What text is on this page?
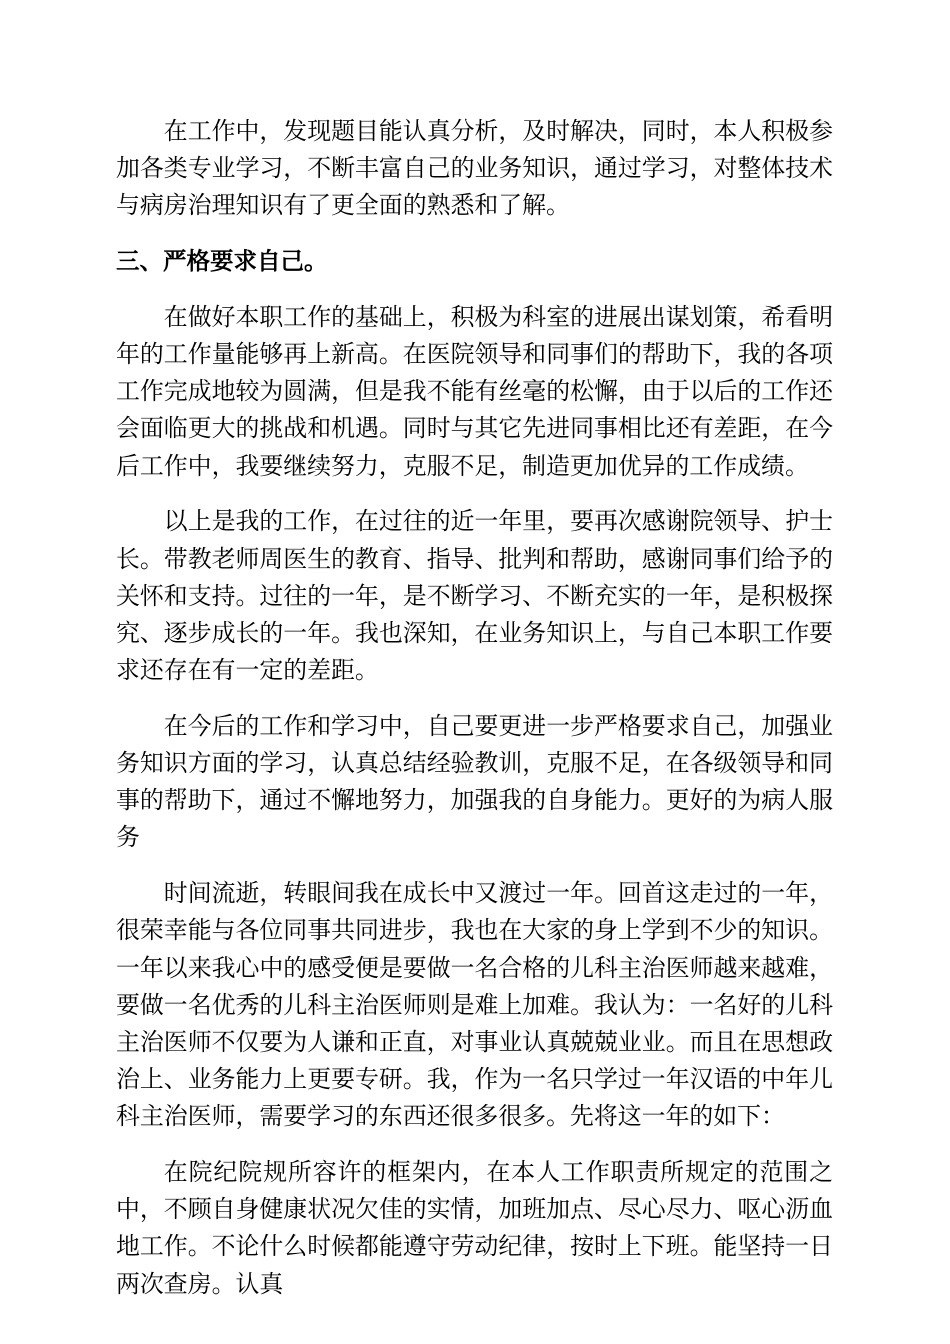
在工作中，发现题目能认真分析，及时解决，同时，本人积极参加各类专业学习，不断丰富自己的业务知识，通过学习，对整体技术与病房治理知识有了更全面的熟悉和了解。

三、严格要求自己。

在做好本职工作的基础上，积极为科室的进展出谋划策，希看明年的工作量能够再上新高。在医院领导和同事们的帮助下，我的各项工作完成地较为圆满，但是我不能有丝毫的松懈，由于以后的工作还会面临更大的挑战和机遇。同时与其它先进同事相比还有差距，在今后工作中，我要继续努力，克服不足，制造更加优异的工作成绩。

以上是我的工作，在过往的近一年里，要再次感谢院领导、护士长。带教老师周医生的教育、指导、批判和帮助，感谢同事们给予的关怀和支持。过往的一年，是不断学习、不断充实的一年，是积极探究、逐步成长的一年。我也深知，在业务知识上，与自己本职工作要求还存在有一定的差距。

在今后的工作和学习中，自己要更进一步严格要求自己，加强业务知识方面的学习，认真总结经验教训，克服不足，在各级领导和同事的帮助下，通过不懈地努力，加强我的自身能力。更好的为病人服务

时间流逝，转眼间我在成长中又渡过一年。回首这走过的一年，很荣幸能与各位同事共同进步，我也在大家的身上学到不少的知识。一年以来我心中的感受便是要做一名合格的儿科主治医师越来越难，要做一名优秀的儿科主治医师则是难上加难。我认为：一名好的儿科主治医师不仅要为人谦和正直，对事业认真兢兢业业。而且在思想政治上、业务能力上更要专研。我，作为一名只学过一年汉语的中年儿科主治医师，需要学习的东西还很多很多。先将这一年的如下：

在院纪院规所容许的框架内，在本人工作职责所规定的范围之中，不顾自身健康状况欠佳的实情，加班加点、尽心尽力、呕心沥血地工作。不论什么时候都能遵守劳动纪律，按时上下班。能坚持一日两次查房。认真
